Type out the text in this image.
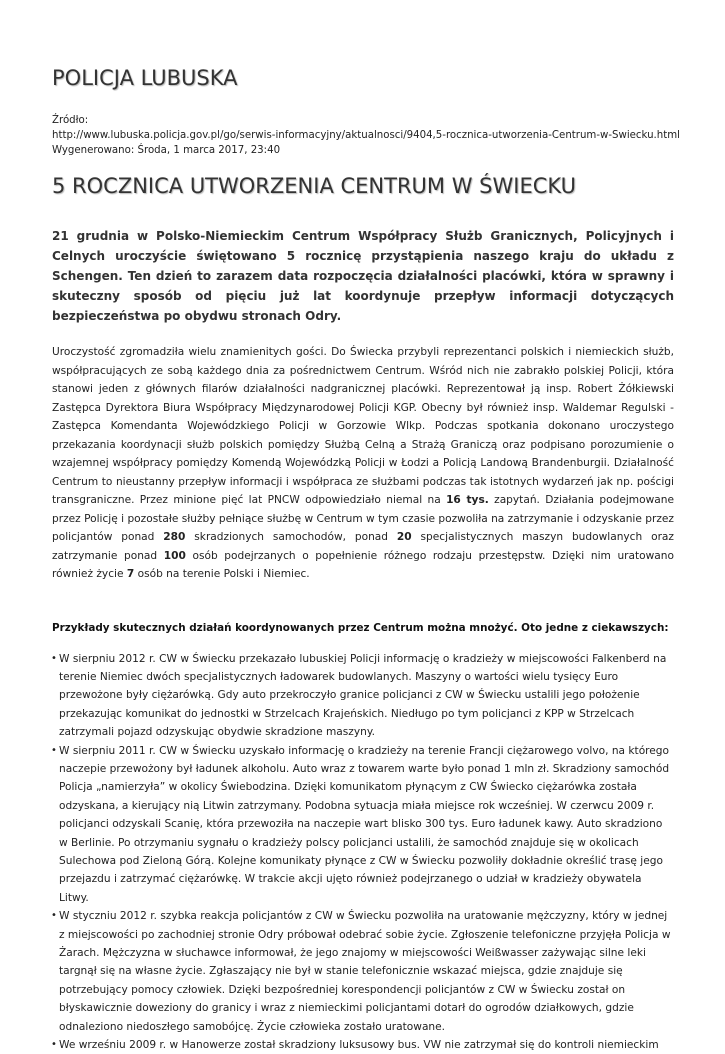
POLICJA LUBUSKA
Źródło:
http://www.lubuska.policja.gov.pl/go/serwis-informacyjny/aktualnosci/9404,5-rocznica-utworzenia-Centrum-w-Swiecku.html
Wygenerowano: Środa, 1 marca 2017, 23:40
5 ROCZNICA UTWORZENIA CENTRUM W ŚWIECKU
21 grudnia w Polsko-Niemieckim Centrum Współpracy Służb Granicznych, Policyjnych i Celnych uroczyście świętowano 5 rocznicę przystąpienia naszego kraju do układu z Schengen. Ten dzień to zarazem data rozpoczęcia działalności placówki, która w sprawny i skuteczny sposób od pięciu już lat koordynuje przepływ informacji dotyczących bezpieczeństwa po obydwu stronach Odry.
Uroczystość zgromadziła wielu znamienitych gości. Do Świecka przybyli reprezentanci polskich i niemieckich służb, współpracujących ze sobą każdego dnia za pośrednictwem Centrum. Wśród nich nie zabrakło polskiej Policji, która stanowi jeden z głównych filarów działalności nadgranicznej placówki. Reprezentował ją insp. Robert Żółkiewski Zastępca Dyrektora Biura Współpracy Międzynarodowej Policji KGP. Obecny był również insp. Waldemar Regulski - Zastępca Komendanta Wojewódzkiego Policji w Gorzowie Wlkp. Podczas spotkania dokonano uroczystego przekazania koordynacji służb polskich pomiędzy Służbą Celną a Strażą Graniczą oraz podpisano porozumienie o wzajemnej współpracy pomiędzy Komendą Wojewódzką Policji w Łodzi a Policją Landową Brandenburgii. Działalność Centrum to nieustanny przepływ informacji i współpraca ze służbami podczas tak istotnych wydarzeń jak np. pościgi transgraniczne. Przez minione pięć lat PNCW odpowiedziało niemal na 16 tys. zapytań. Działania podejmowane przez Policję i pozostałe służby pełniące służbę w Centrum w tym czasie pozwoliła na zatrzymanie i odzyskanie przez policjantów ponad 280 skradzionych samochodów, ponad 20 specjalistycznych maszyn budowlanych oraz zatrzymanie ponad 100 osób podejrzanych o popełnienie różnego rodzaju przestępstw. Dzięki nim uratowano również życie 7 osób na terenie Polski i Niemiec.
Przykłady skutecznych działań koordynowanych przez Centrum można mnożyć. Oto jedne z ciekawszych:
• W sierpniu 2012 r. CW w Świecku przekazało lubuskiej Policji informację o kradzieży w miejscowości Falkenberd na terenie Niemiec dwóch specjalistycznych ładowarek budowlanych. Maszyny o wartości wielu tysięcy Euro przewożone były ciężarówką. Gdy auto przekroczyło granice policjanci z CW w Świecku ustalili jego położenie przekazując komunikat do jednostki w Strzelcach Krajeńskich. Niedługo po tym policjanci z KPP w Strzelcach zatrzymali pojazd odzyskując obydwie skradzione maszyny.
• W sierpniu 2011 r. CW w Świecku uzyskało informację o kradzieży na terenie Francji ciężarowego volvo, na którego naczepie przewożony był ładunek alkoholu. Auto wraz z towarem warte było ponad 1 mln zł. Skradziony samochód Policja „namierzyła” w okolicy Świebodzina. Dzięki komunikatom płynącym z CW Świecko ciężarówka została odzyskana, a kierujący nią Litwin zatrzymany. Podobna sytuacja miała miejsce rok wcześniej. W czerwcu 2009 r. policjanci odzyskali Scanię, która przewoziła na naczepie wart blisko 300 tys. Euro ładunek kawy. Auto skradziono w Berlinie. Po otrzymaniu sygnału o kradzieży polscy policjanci ustalili, że samochód znajduje się w okolicach Sulechowa pod Zieloną Górą. Kolejne komunikaty płynące z CW w Świecku pozwoliły dokładnie określić trasę jego przejazdu i zatrzymać ciężarówkę. W trakcie akcji ujęto również podejrzanego o udział w kradzieży obywatela Litwy.
• W styczniu 2012 r. szybka reakcja policjantów z CW w Świecku pozwoliła na uratowanie mężczyzny, który w jednej z miejscowości po zachodniej stronie Odry próbował odebrać sobie życie. Zgłoszenie telefoniczne przyjęła Policja w Żarach. Mężczyzna w słuchawce informował, że jego znajomy w miejscowości Weißwasser zażywając silne leki targnął się na własne życie. Zgłaszający nie był w stanie telefonicznie wskazać miejsca, gdzie znajduje się potrzebujący pomocy człowiek. Dzięki bezpośredniej korespondencji policjantów z CW w Świecku został on błyskawicznie doweziony do granicy i wraz z niemieckimi policjantami dotarł do ogrodów działkowych, gdzie odnaleziono niedoszłego samobójcę. Życie człowieka zostało uratowane.
• We wrześniu 2009 r. w Hanowerze został skradziony luksusowy bus. VW nie zatrzymał się do kontroli niemieckim
